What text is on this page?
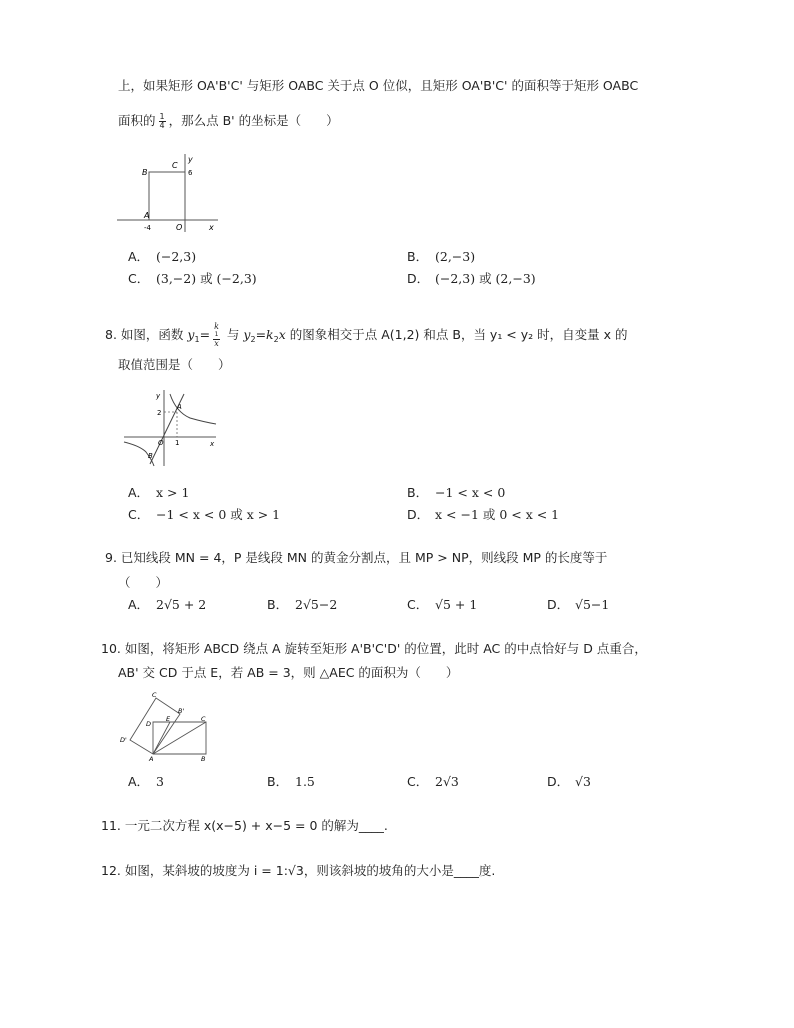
上，如果矩形 OA'B'C' 与矩形 OABC 关于点 O 位似，且矩形 OA'B'C' 的面积等于矩形 OABC
面积的 $\frac{1}{4}$ ，那么点 B' 的坐标是（　　）
C
y
B	6
A
-4	O	x
A． (−2,3)	B． (2,−3)
C． (3,−2) 或 (−2,3)	D． (−2,3) 或 (2,−3)
8. 如图，函数 $y_1= k$
1
x 与 $y_2=k_2x$ 的图象相交于点 A(1,2) 和点 B，当 y₁ < y₂ 时，自变量 x 的
取值范围是（　　）
y
2
A
O 1	x
B
A． x > 1	B． −1 < x < 0
C． −1 < x < 0 或 x > 1	D． x < −1 或 0 < x < 1
9. 已知线段 MN = 4，P 是线段 MN 的黄金分割点，且 MP > NP，则线段 MP 的长度等于
（　　）
A． 2√5 + 2	B． 2√5−2	C． √5 + 1	D． √5−1
10. 如图，将矩形 ABCD 绕点 A 旋转至矩形 A'B'C'D' 的位置，此时 AC 的中点恰好与 D 点重合，
AB' 交 CD 于点 E，若 AB = 3，则 △AEC 的面积为（　　）
C
B'
D
E	C
D'
A	B
A． 3	B． 1.5	C． 2√3	D． √3
11. 一元二次方程 x(x−5) + x−5 = 0 的解为____.
12. 如图，某斜坡的坡度为 i = 1:√3，则该斜坡的坡角的大小是____度.
